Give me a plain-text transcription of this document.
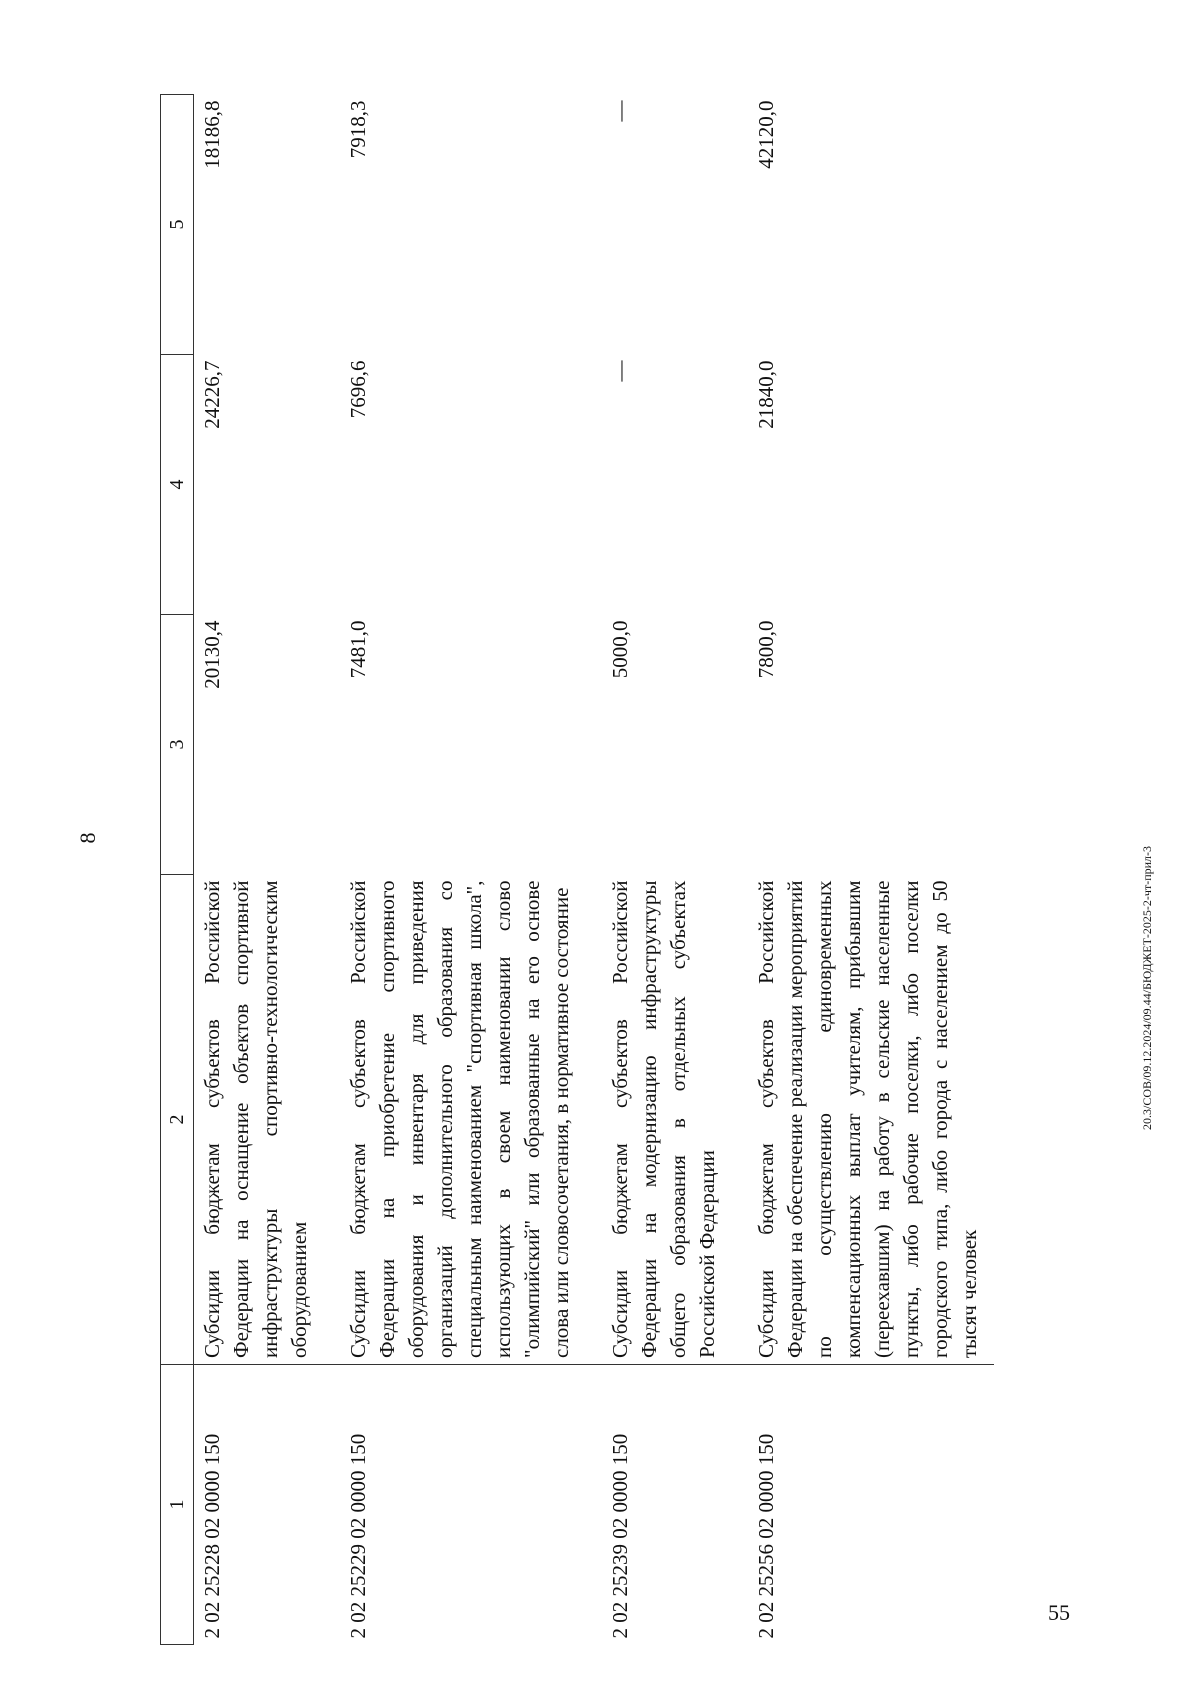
8
1	2	3	4	5
2 02 25228 02 0000 150	Субсидии бюджетам субъектов Российской Федерации на оснащение объектов спортивной инфраструктуры спортивно-технологическим оборудованием	20130,4	24226,7	18186,8
2 02 25229 02 0000 150	Субсидии бюджетам субъектов Российской Федерации на приобретение спортивного оборудования и инвентаря для приведения организаций дополнительного образования со специальным наименованием "спортивная школа", использующих в своем наименовании слово "олимпийский" или образованные на его основе слова или словосочетания, в нормативное состояние	7481,0	7696,6	7918,3
2 02 25239 02 0000 150	Субсидии бюджетам субъектов Российской Федерации на модернизацию инфраструктуры общего образования в отдельных субъектах Российской Федерации	5000,0	—	—
2 02 25256 02 0000 150	Субсидии бюджетам субъектов Российской Федерации на обеспечение реализации мероприятий по осуществлению единовременных компенсационных выплат учителям, прибывшим (переехавшим) на работу в сельские населенные пункты, либо рабочие поселки, либо поселки городского типа, либо города с населением до 50 тысяч человек	7800,0	21840,0	42120,0
20.3/СОВ/09.12.2024/09.44/БЮДЖЕТ-2025-2-чт-прил-3
55
